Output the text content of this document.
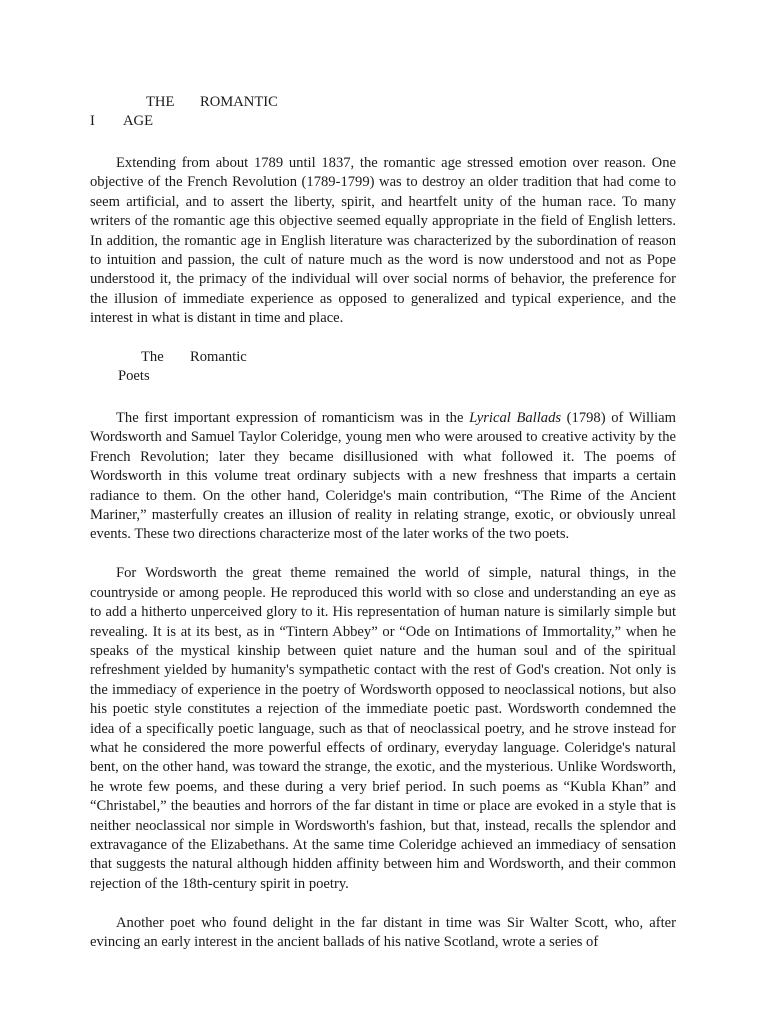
THE ROMANTIC
I AGE

Extending from about 1789 until 1837, the romantic age stressed emotion over reason. One objective of the French Revolution (1789-1799) was to destroy an older tradition that had come to seem artificial, and to assert the liberty, spirit, and heartfelt unity of the human race. To many writers of the romantic age this objective seemed equally appropriate in the field of English letters. In addition, the romantic age in English literature was characterized by the subordination of reason to intuition and passion, the cult of nature much as the word is now understood and not as Pope understood it, the primacy of the individual will over social norms of behavior, the preference for the illusion of immediate experience as opposed to generalized and typical experience, and the interest in what is distant in time and place.

The Romantic
Poets

The first important expression of romanticism was in the Lyrical Ballads (1798) of William Wordsworth and Samuel Taylor Coleridge, young men who were aroused to creative activity by the French Revolution; later they became disillusioned with what followed it. The poems of Wordsworth in this volume treat ordinary subjects with a new freshness that imparts a certain radiance to them. On the other hand, Coleridge's main contribution, “The Rime of the Ancient Mariner,” masterfully creates an illusion of reality in relating strange, exotic, or obviously unreal events. These two directions characterize most of the later works of the two poets.

For Wordsworth the great theme remained the world of simple, natural things, in the countryside or among people. He reproduced this world with so close and understanding an eye as to add a hitherto unperceived glory to it. His representation of human nature is similarly simple but revealing. It is at its best, as in “Tintern Abbey” or “Ode on Intimations of Immortality,” when he speaks of the mystical kinship between quiet nature and the human soul and of the spiritual refreshment yielded by humanity's sympathetic contact with the rest of God's creation. Not only is the immediacy of experience in the poetry of Wordsworth opposed to neoclassical notions, but also his poetic style constitutes a rejection of the immediate poetic past. Wordsworth condemned the idea of a specifically poetic language, such as that of neoclassical poetry, and he strove instead for what he considered the more powerful effects of ordinary, everyday language. Coleridge's natural bent, on the other hand, was toward the strange, the exotic, and the mysterious. Unlike Wordsworth, he wrote few poems, and these during a very brief period. In such poems as “Kubla Khan” and “Christabel,” the beauties and horrors of the far distant in time or place are evoked in a style that is neither neoclassical nor simple in Wordsworth's fashion, but that, instead, recalls the splendor and extravagance of the Elizabethans. At the same time Coleridge achieved an immediacy of sensation that suggests the natural although hidden affinity between him and Wordsworth, and their common rejection of the 18th-century spirit in poetry.

Another poet who found delight in the far distant in time was Sir Walter Scott, who, after evincing an early interest in the ancient ballads of his native Scotland, wrote a series of
